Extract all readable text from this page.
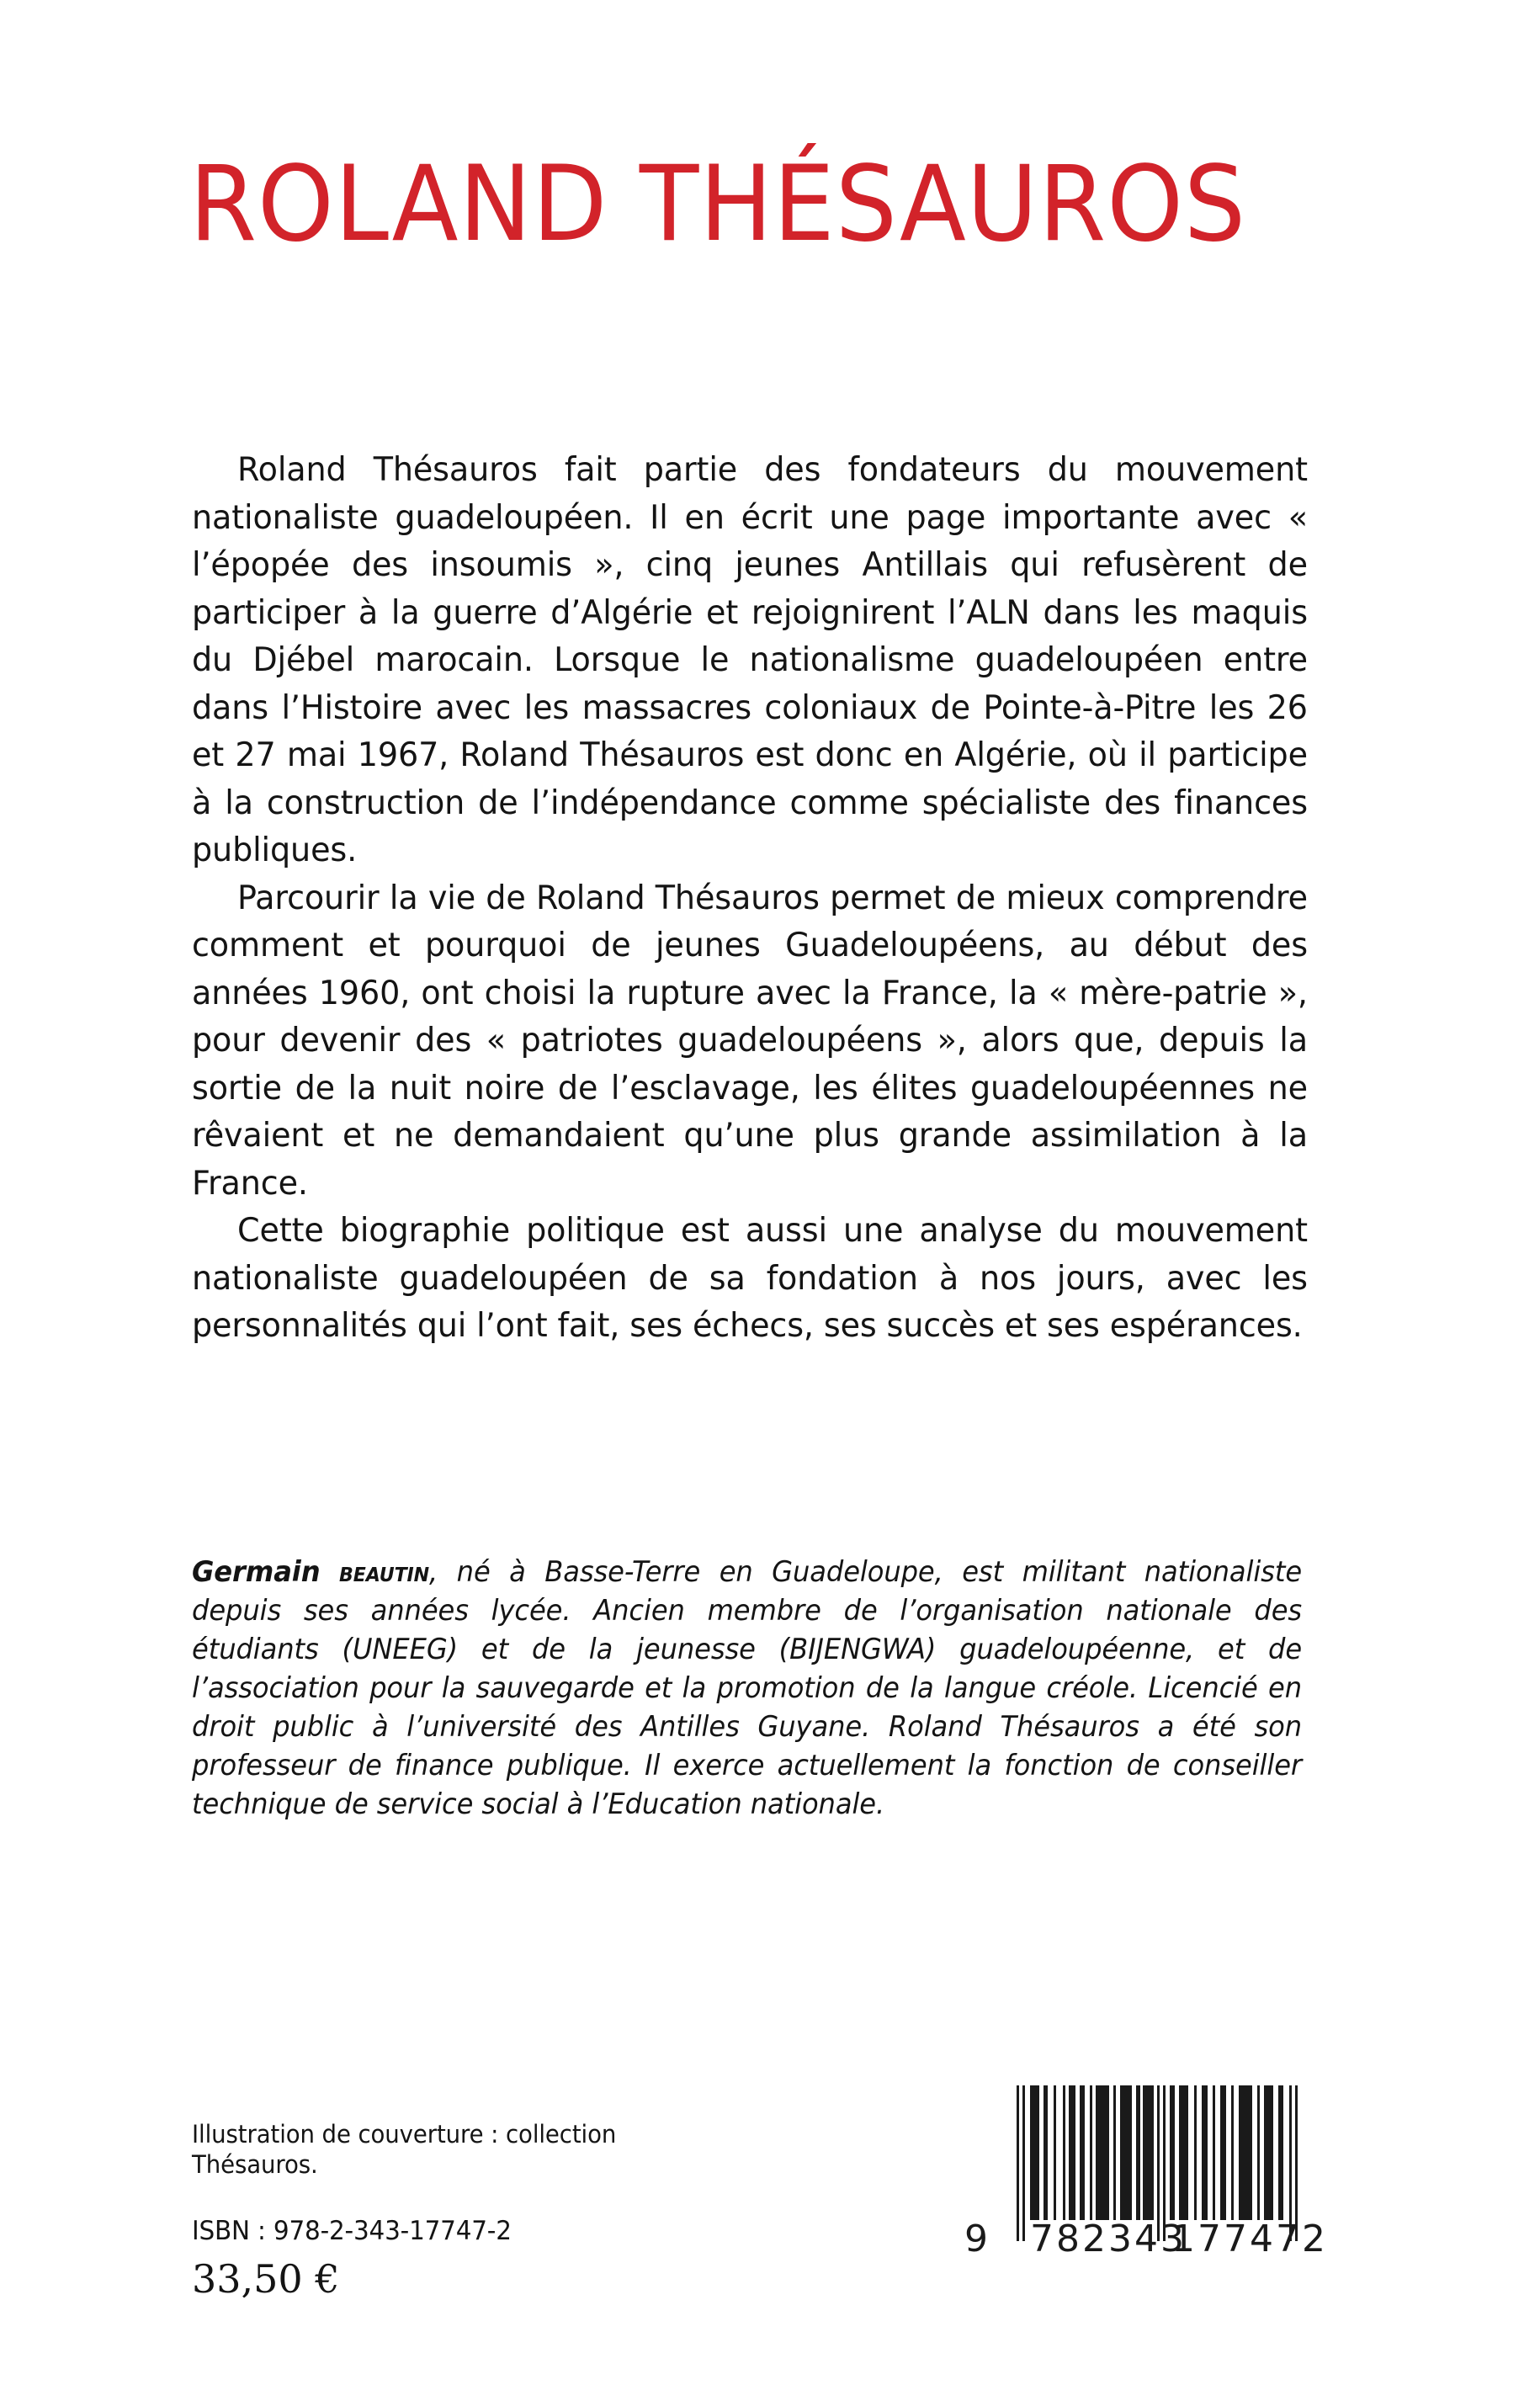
ROLAND THÉSAUROS

Roland Thésauros fait partie des fondateurs du mouvement nationaliste guadeloupéen. Il en écrit une page importante avec « l’épopée des insoumis », cinq jeunes Antillais qui refusèrent de participer à la guerre d’Algérie et rejoignirent l’ALN dans les maquis du Djébel marocain. Lorsque le nationalisme guadeloupéen entre dans l’Histoire avec les massacres coloniaux de Pointe-à-Pitre les 26 et 27 mai 1967, Roland Thésauros est donc en Algérie, où il participe à la construction de l’indépendance comme spécialiste des finances publiques.

Parcourir la vie de Roland Thésauros permet de mieux comprendre comment et pourquoi de jeunes Guadeloupéens, au début des années 1960, ont choisi la rupture avec la France, la « mère-patrie », pour devenir des « patriotes guadeloupéens », alors que, depuis la sortie de la nuit noire de l’esclavage, les élites guadeloupéennes ne rêvaient et ne demandaient qu’une plus grande assimilation à la France.

Cette biographie politique est aussi une analyse du mouvement nationaliste guadeloupéen de sa fondation à nos jours, avec les personnalités qui l’ont fait, ses échecs, ses succès et ses espérances.

Germain beautin, né à Basse-Terre en Guadeloupe, est militant nationaliste depuis ses années lycée. Ancien membre de l’organisation nationale des étudiants (UNEEG) et de la jeunesse (BIJENGWA) guadeloupéenne, et de l’association pour la sauvegarde et la promotion de la langue créole. Licencié en droit public à l’université des Antilles Guyane. Roland Thésauros a été son professeur de finance publique. Il exerce actuellement la fonction de conseiller technique de service social à l’Education nationale.

Illustration de couverture : collection Thésauros.
ISBN : 978-2-343-17747-2
33,50 €
9 782343
177472
